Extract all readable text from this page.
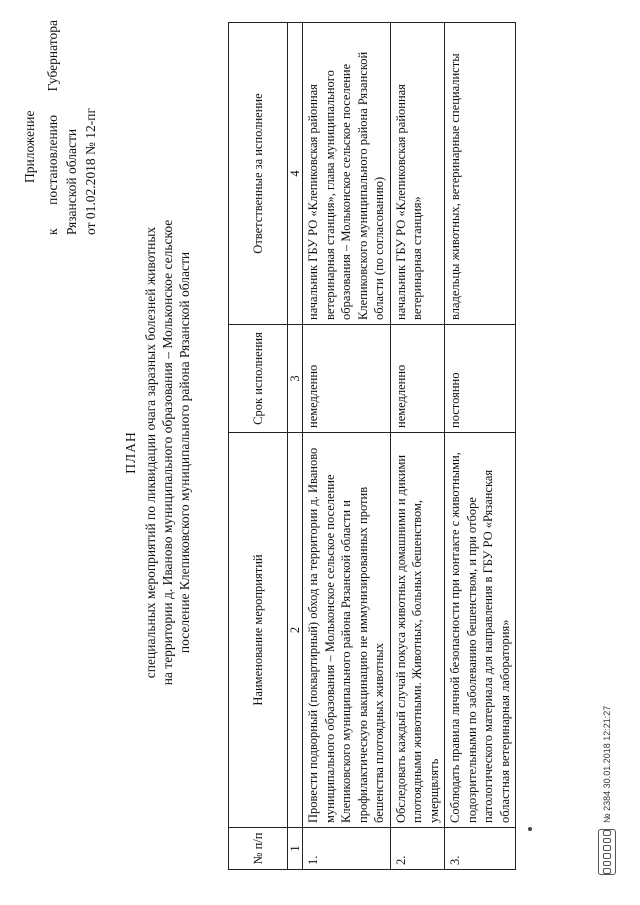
Приложение
к
постановлению
Губернатора
Рязанской области от 01.02.2018 № 12-пг
ПЛАН специальных мероприятий по ликвидации очага заразных болезней животных на территории д. Иваново муниципального образования – Мольконское сельское поселение Клепиковского муниципального района Рязанской области
№ п/п	Наименование мероприятий	Срок исполнения	Ответственные за исполнение
1	2	3	4
1.	Провести подворный (поквартирный) обход на территории д. Иваново муниципального образования – Мольконское сельское поселение Клепиковского муниципального района Рязанской области и профилактическую вакцинацию не иммунизированных против бешенства плотоядных животных	немедленно	начальник ГБУ РО «Клепиковская районная ветеринарная станция», глава муниципального образования – Мольконское сельское поселение Клепиковского муниципального района Рязанской области (по согласованию)
2.	Обследовать каждый случай покуса животных домашними и дикими плотоядными животными. Животных, больных бешенством, умерщвлять	немедленно	начальник ГБУ РО «Клепиковская районная ветеринарная станция»
3.	Соблюдать правила личной безопасности при контакте с животными, подозрительными по заболеванию бешенством, и при отборе патологического материала для направления в ГБУ РО «Рязанская областная ветеринарная лаборатория»	постоянно	владельцы животных, ветеринарные специалисты
№ 2384 30.01.2018 12:21:27
